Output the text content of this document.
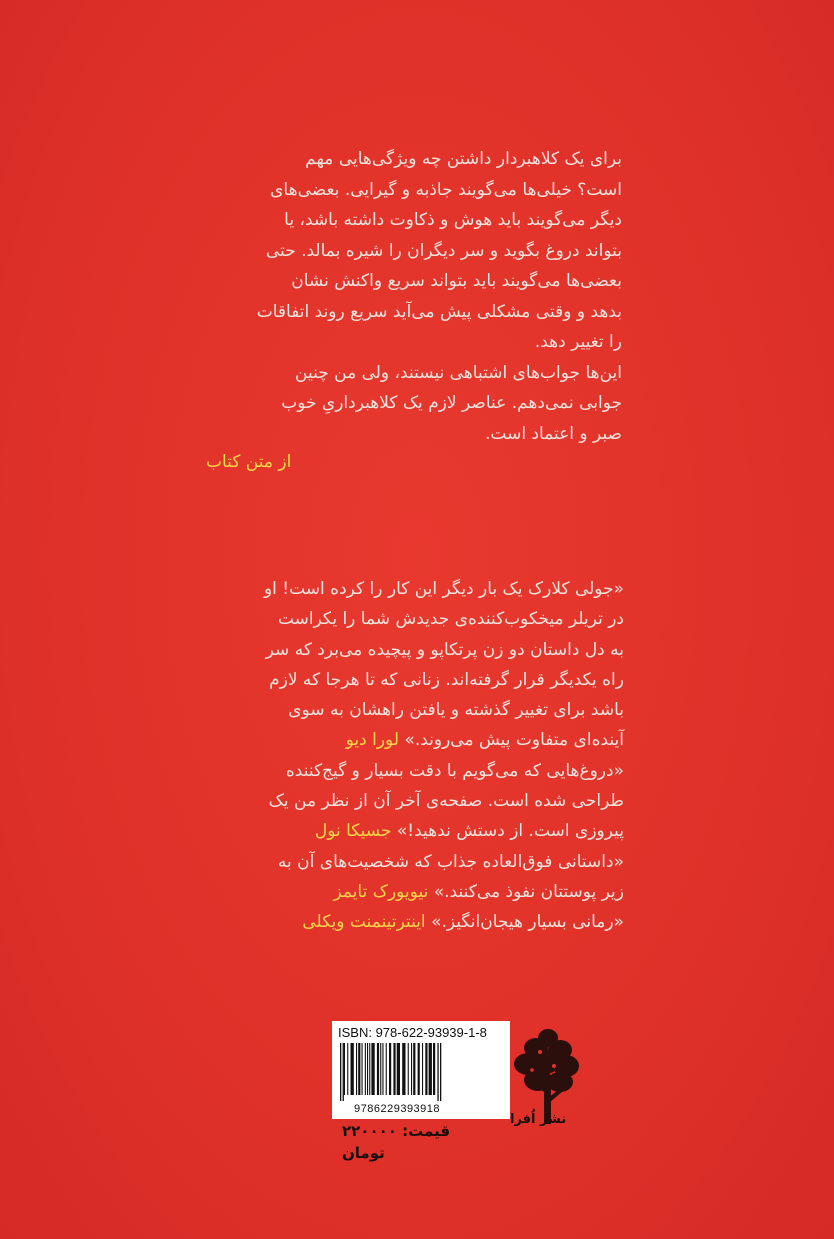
برای یک کلاهبردار داشتن چه ویژگی‌هایی مهم

است؟ خیلی‌ها می‌گویند جاذبه و گیرایی. بعضی‌های

دیگر می‌گویند باید هوش و ذکاوت داشته باشد، یا

بتواند دروغ بگوید و سر دیگران را شیره بمالد. حتی

بعضی‌ها می‌گویند باید بتواند سریع واکنش نشان

بدهد و وقتی مشکلی پیش می‌آید سریع روند اتفاقات

را تغییر دهد.

این‌ها جواب‌های اشتباهی نیستند، ولی من چنین

جوابی نمی‌دهم. عناصر لازم یک کلاهبرداریِ خوب

صبر و اعتماد است.

از متن کتاب

«جولی کلارک یک بار دیگر این کار را کرده است! او

در تریلر میخکوب‌کننده‌ی جدیدش شما را یکراست

به دل داستان دو زن پرتکاپو و پیچیده می‌برد که سر

راه یکدیگر قرار گرفته‌اند. زنانی که تا هرجا که لازم

باشد برای تغییر گذشته و یافتن راهشان به سوی

آینده‌ای متفاوت پیش می‌روند.» لورا دیو

«دروغ‌هایی که می‌گویم با دقت بسیار و گیج‌کننده

طراحی شده است. صفحه‌ی آخر آن از نظر من یک

پیروزی است. از دستش ندهید!» جسیکا نول

«داستانی فوق‌العاده جذاب که شخصیت‌های آن به

زیر پوستتان نفوذ می‌کنند.» نیویورک تایمز

«رمانی بسیار هیجان‌انگیز.» اینترتینمنت ویکلی

ISBN: 978-622-93939-1-8
9786229393918
قیمت: ۲۲۰۰۰۰
تومان
نشر اُفرا
